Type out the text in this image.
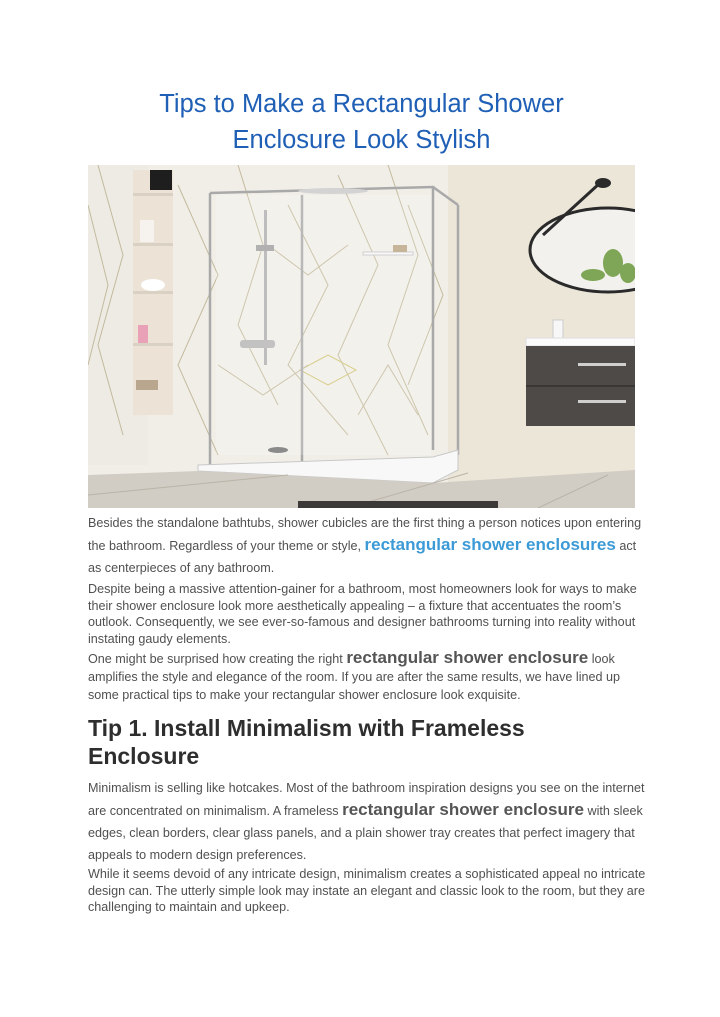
Tips to Make a Rectangular Shower
Enclosure Look Stylish

Besides the standalone bathtubs, shower cubicles are the first thing a person notices upon entering the bathroom. Regardless of your theme or style, rectangular shower enclosures act as centerpieces of any bathroom.

Despite being a massive attention-gainer for a bathroom, most homeowners look for ways to make their shower enclosure look more aesthetically appealing – a fixture that accentuates the room’s outlook. Consequently, we see ever-so-famous and designer bathrooms turning into reality without instating gaudy elements.

One might be surprised how creating the right rectangular shower enclosure look amplifies the style and elegance of the room. If you are after the same results, we have lined up some practical tips to make your rectangular shower enclosure look exquisite.

Tip 1. Install Minimalism with Frameless Enclosure

Minimalism is selling like hotcakes. Most of the bathroom inspiration designs you see on the internet are concentrated on minimalism. A frameless rectangular shower enclosure with sleek edges, clean borders, clear glass panels, and a plain shower tray creates that perfect imagery that appeals to modern design preferences.

While it seems devoid of any intricate design, minimalism creates a sophisticated appeal no intricate design can. The utterly simple look may instate an elegant and classic look to the room, but they are challenging to maintain and upkeep.
